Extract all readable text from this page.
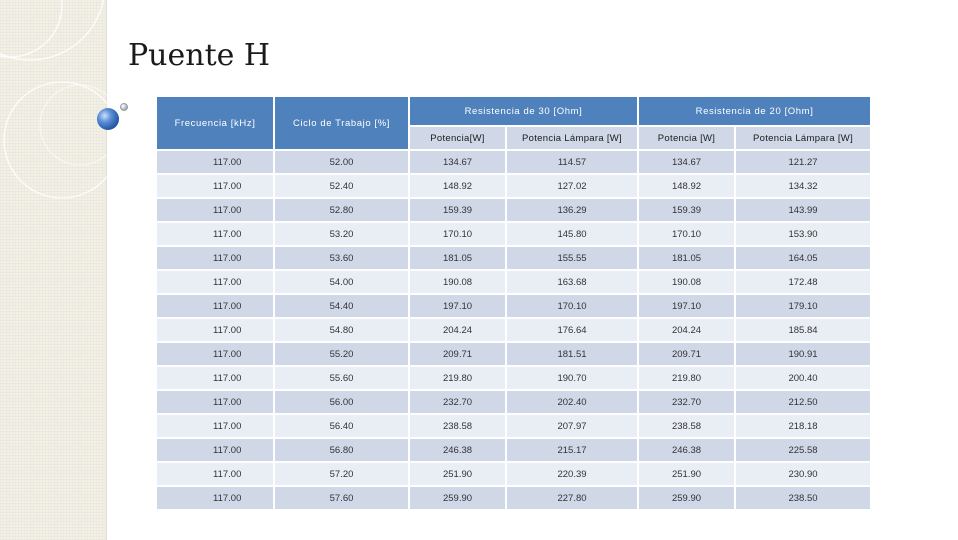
Puente H
Frecuencia [kHz]	Ciclo de Trabajo [%]	Resistencia de 30 [Ohm]		Resistencia de 20 [Ohm]	
		Potencia[W]	Potencia Lámpara [W]	Potencia [W]	Potencia Lámpara [W]
117.00	52.00	134.67	114.57	134.67	121.27
117.00	52.40	148.92	127.02	148.92	134.32
117.00	52.80	159.39	136.29	159.39	143.99
117.00	53.20	170.10	145.80	170.10	153.90
117.00	53.60	181.05	155.55	181.05	164.05
117.00	54.00	190.08	163.68	190.08	172.48
117.00	54.40	197.10	170.10	197.10	179.10
117.00	54.80	204.24	176.64	204.24	185.84
117.00	55.20	209.71	181.51	209.71	190.91
117.00	55.60	219.80	190.70	219.80	200.40
117.00	56.00	232.70	202.40	232.70	212.50
117.00	56.40	238.58	207.97	238.58	218.18
117.00	56.80	246.38	215.17	246.38	225.58
117.00	57.20	251.90	220.39	251.90	230.90
117.00	57.60	259.90	227.80	259.90	238.50
